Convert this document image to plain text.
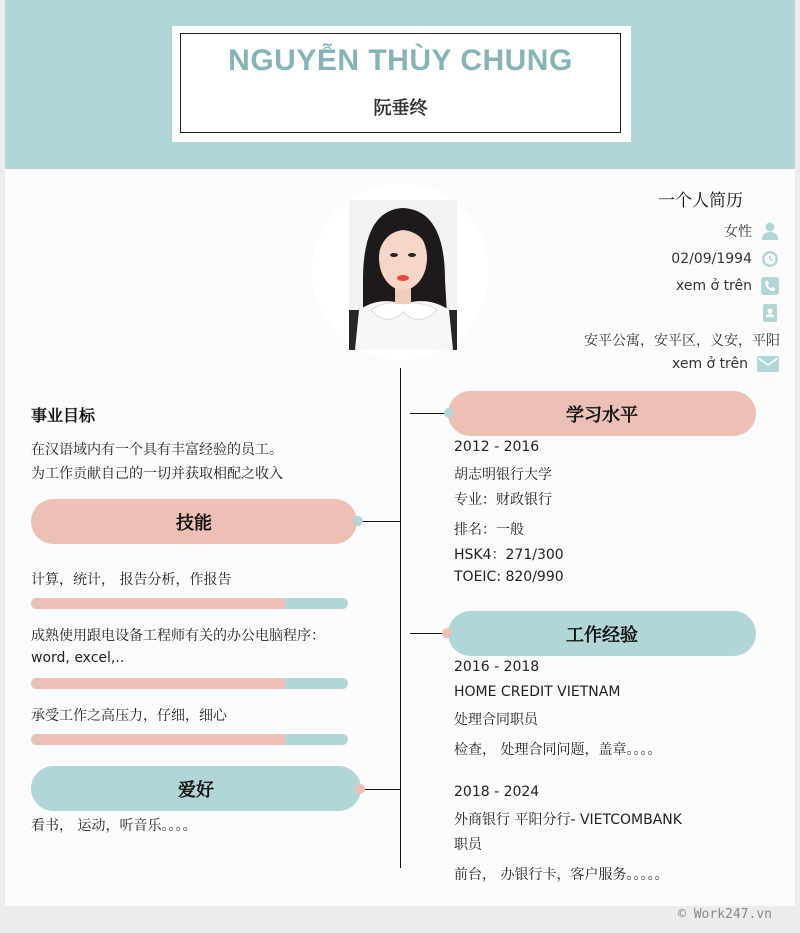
NGUYỄN THÙY CHUNG
阮垂终
一个人简历
女性
02/09/1994
xem ở trên
安平公寓，安平区，义安，平阳
xem ở trên
事业目标
在汉语域内有一个具有丰富经验的员工。
为工作贡献自己的一切并获取相配之收入
技能
计算，统计， 报告分析，作报告
成熟使用跟电设备工程师有关的办公电脑程序：
word, excel,..
承受工作之高压力，仔细，细心
爱好
看书， 运动，听音乐。。。。
学习水平
2012 - 2016
胡志明银行大学
专业：财政银行
排名：一般
HSK4：271/300
TOEIC: 820/990
工作经验
2016 - 2018
HOME CREDIT VIETNAM
处理合同职员
检查， 处理合同问题，盖章。。。。
2018 - 2024
外商银行 平阳分行- VIETCOMBANK
职员
前台， 办银行卡，客户服务。。。。。
© Work247.vn
